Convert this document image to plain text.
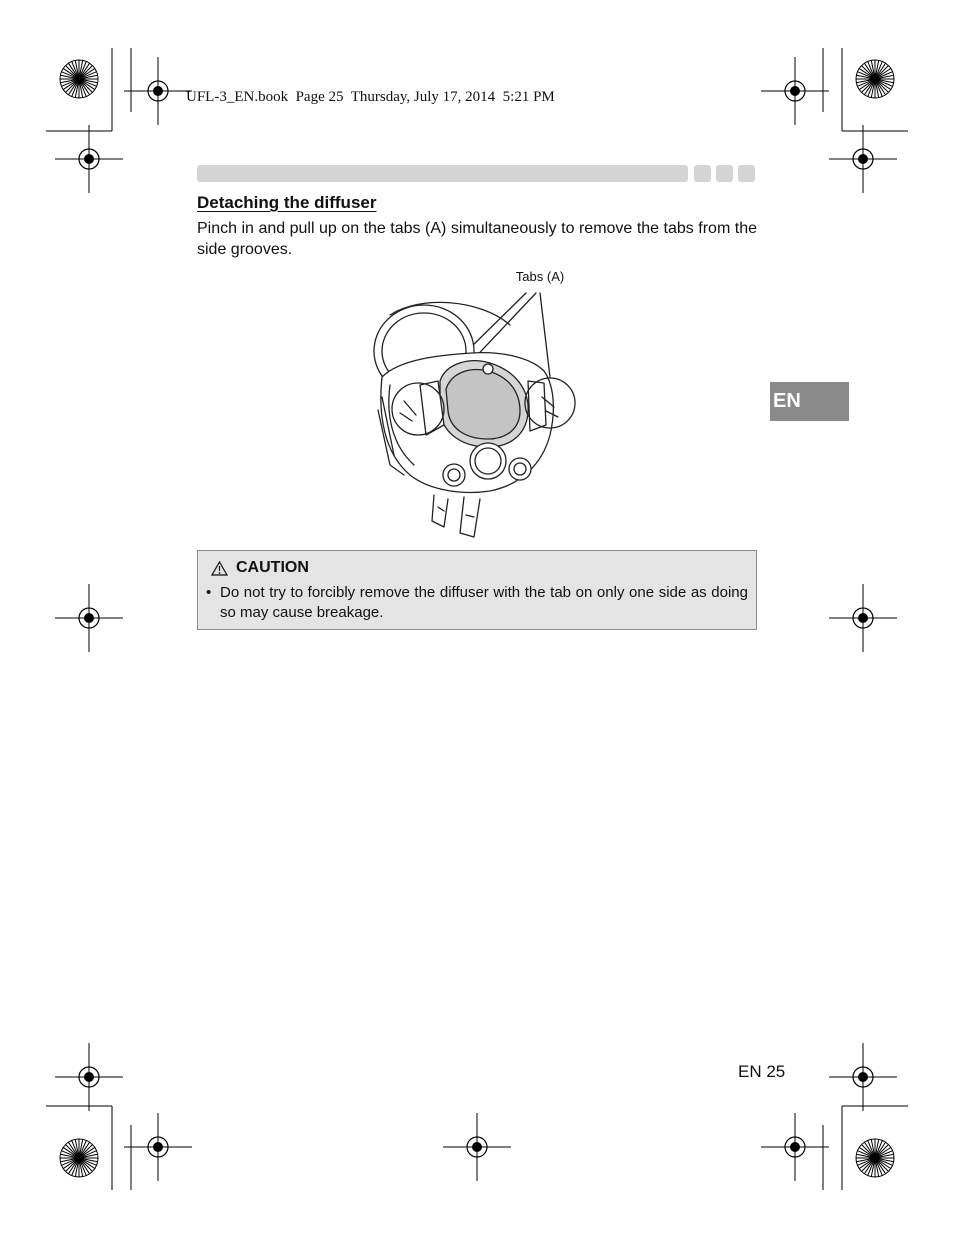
UFL-3_EN.book  Page 25  Thursday, July 17, 2014  5:21 PM
Detaching the diffuser
Pinch in and pull up on the tabs (A) simultaneously to remove the tabs from the side grooves.
Tabs (A)
EN
CAUTION
• Do not try to forcibly remove the diffuser with the tab on only one side as doing so may cause breakage.
EN 25
